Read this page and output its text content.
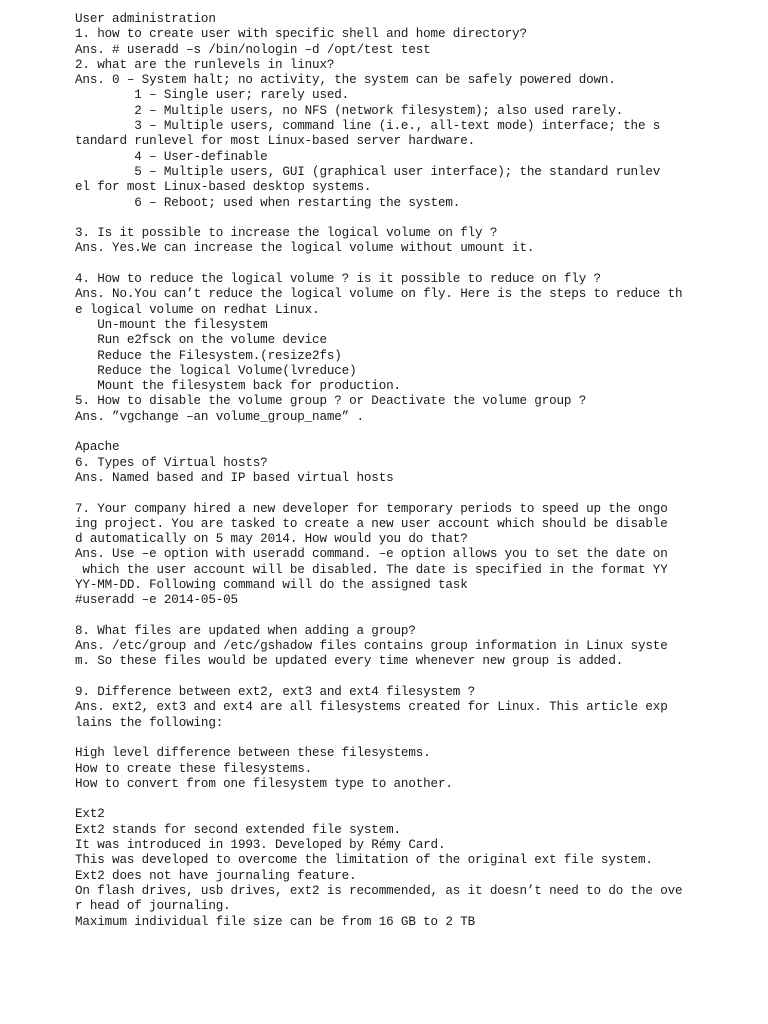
User administration
1. how to create user with specific shell and home directory?
Ans. # useradd –s /bin/nologin –d /opt/test test
2. what are the runlevels in linux?
Ans. 0 – System halt; no activity, the system can be safely powered down.
1 – Single user; rarely used.
2 – Multiple users, no NFS (network filesystem); also used rarely.
3 – Multiple users, command line (i.e., all-text mode) interface; the s
tandard runlevel for most Linux-based server hardware.
4 – User-definable
5 – Multiple users, GUI (graphical user interface); the standard runlev
el for most Linux-based desktop systems.
6 – Reboot; used when restarting the system.
3. Is it possible to increase the logical volume on fly ?
Ans. Yes.We can increase the logical volume without umount it.
4. How to reduce the logical volume ? is it possible to reduce on fly ?
Ans. No.You can’t reduce the logical volume on fly. Here is the steps to reduce th
e logical volume on redhat Linux.
Un-mount the filesystem
Run e2fsck on the volume device
Reduce the Filesystem.(resize2fs)
Reduce the logical Volume(lvreduce)
Mount the filesystem back for production.
5. How to disable the volume group ? or Deactivate the volume group ?
Ans. ”vgchange –an volume_group_name” .
Apache
6. Types of Virtual hosts?
Ans. Named based and IP based virtual hosts
7. Your company hired a new developer for temporary periods to speed up the ongo
ing project. You are tasked to create a new user account which should be disable
d automatically on 5 may 2014. How would you do that?
Ans. Use –e option with useradd command. –e option allows you to set the date on
which the user account will be disabled. The date is specified in the format YY
YY-MM-DD. Following command will do the assigned task
#useradd –e 2014-05-05
8. What files are updated when adding a group?
Ans. /etc/group and /etc/gshadow files contains group information in Linux syste
m. So these files would be updated every time whenever new group is added.
9. Difference between ext2, ext3 and ext4 filesystem ?
Ans. ext2, ext3 and ext4 are all filesystems created for Linux. This article exp
lains the following:
High level difference between these filesystems.
How to create these filesystems.
How to convert from one filesystem type to another.
Ext2
Ext2 stands for second extended file system.
It was introduced in 1993. Developed by Rémy Card.
This was developed to overcome the limitation of the original ext file system.
Ext2 does not have journaling feature.
On flash drives, usb drives, ext2 is recommended, as it doesn’t need to do the ove
r head of journaling.
Maximum individual file size can be from 16 GB to 2 TB
